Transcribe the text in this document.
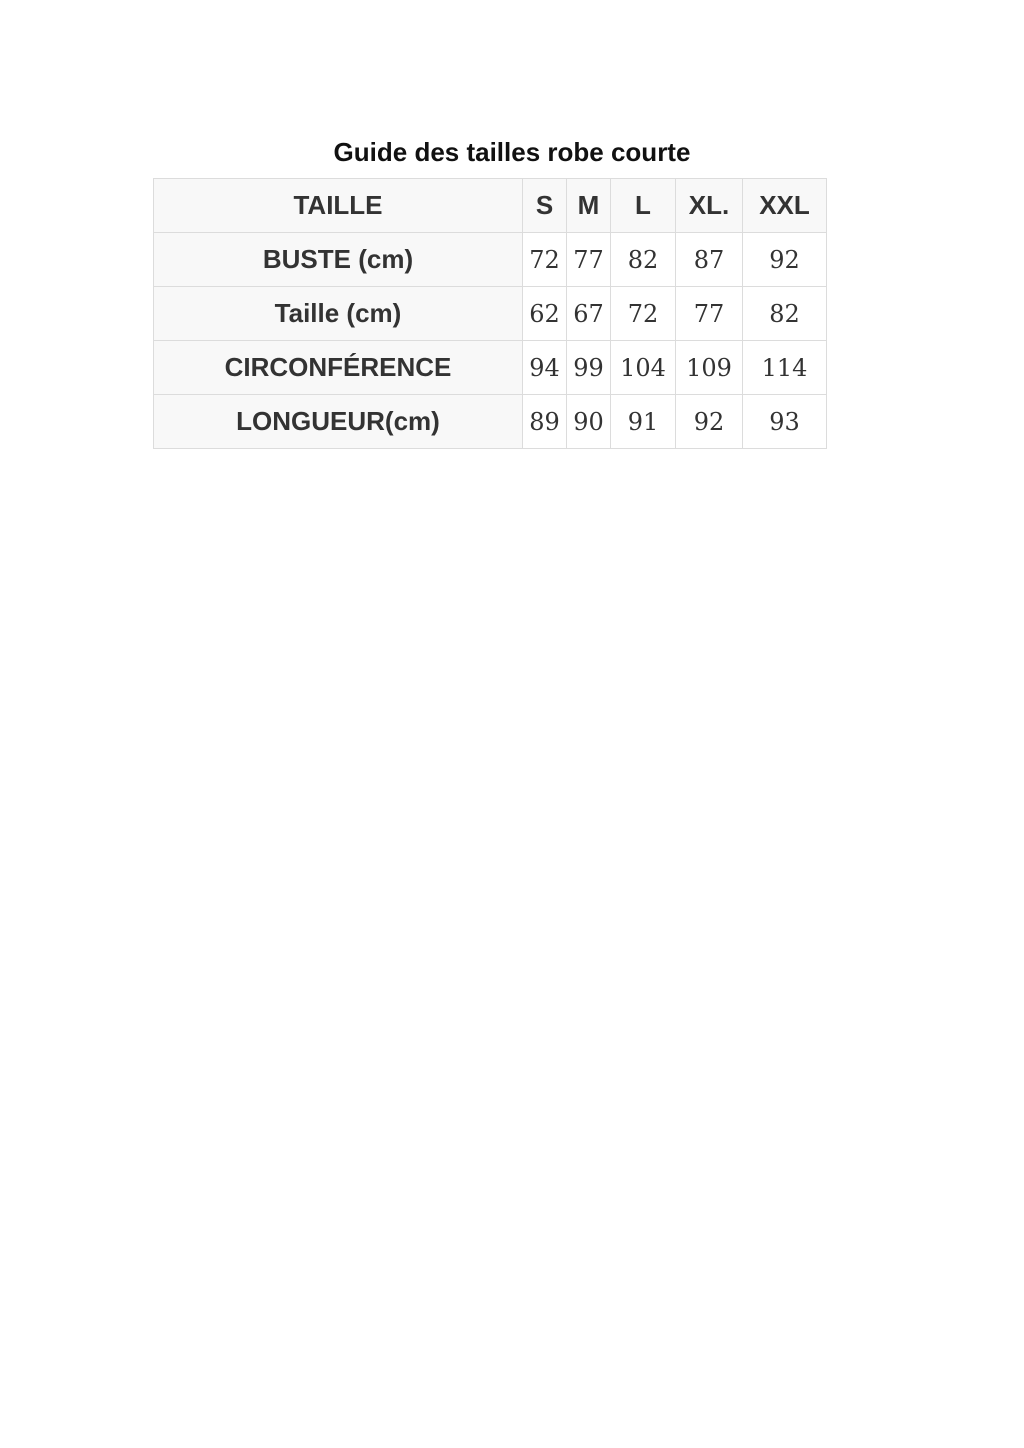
Guide des tailles robe courte
TAILLE	S	M	L	XL.	XXL
BUSTE (cm)	72	77	82	87	92
Taille (cm)	62	67	72	77	82
CIRCONFÉRENCE	94	99	104	109	114
LONGUEUR(cm)	89	90	91	92	93
